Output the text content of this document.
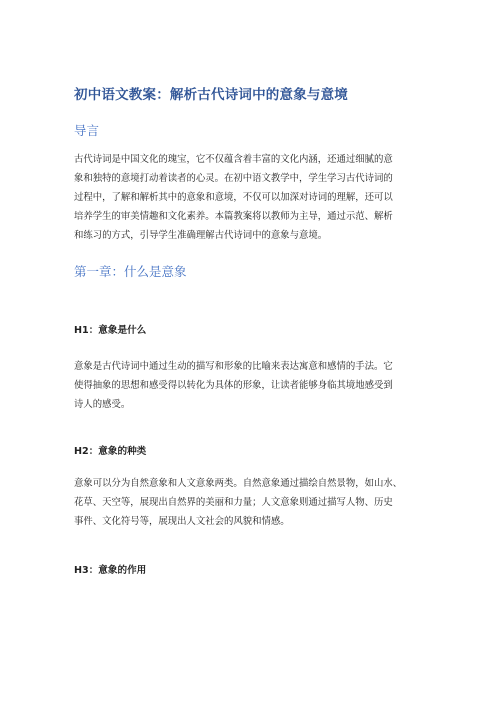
初中语文教案：解析古代诗词中的意象与意境
导言
古代诗词是中国文化的瑰宝，它不仅蕴含着丰富的文化内涵，还通过细腻的意
象和独特的意境打动着读者的心灵。在初中语文教学中，学生学习古代诗词的
过程中，了解和解析其中的意象和意境，不仅可以加深对诗词的理解，还可以
培养学生的审美情趣和文化素养。本篇教案将以教师为主导，通过示范、解析
和练习的方式，引导学生准确理解古代诗词中的意象与意境。
第一章：什么是意象
H1：意象是什么
意象是古代诗词中通过生动的描写和形象的比喻来表达寓意和感情的手法。它
使得抽象的思想和感受得以转化为具体的形象，让读者能够身临其境地感受到
诗人的感受。
H2：意象的种类
意象可以分为自然意象和人文意象两类。自然意象通过描绘自然景物，如山水、
花草、天空等，展现出自然界的美丽和力量；人文意象则通过描写人物、历史
事件、文化符号等，展现出人文社会的风貌和情感。
H3：意象的作用
